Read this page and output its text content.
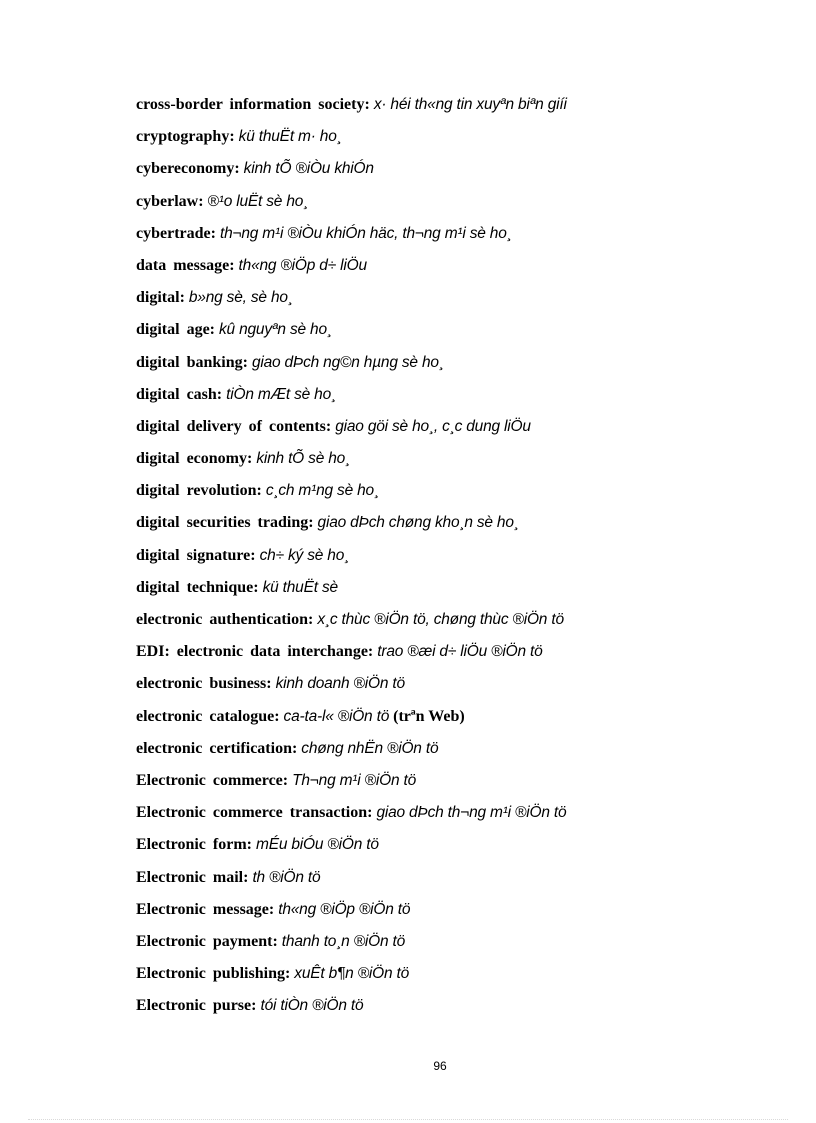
cross-border information society: x· héi th«ng tin xuyªn biªn giíi
cryptography: kü thuËt m· ho¸
cybereconomy: kinh tÕ ®iÒu khiÓn
cyberlaw: ®¹o luËt sè ho¸
cybertrade: th¬ng m¹i ®iÒu khiÓn häc, th¬ng m¹i sè ho¸
data message: th«ng ®iÖp d÷ liÖu
digital: b»ng sè, sè ho¸
digital age: kû nguyªn sè ho¸
digital banking: giao dÞch ng©n hµng sè ho¸
digital cash: tiÒn mÆt sè ho¸
digital delivery of contents: giao göi sè ho¸, c¸c dung liÖu
digital economy: kinh tÕ sè ho¸
digital revolution: c¸ch m¹ng sè ho¸
digital securities trading: giao dÞch chøng kho¸n sè ho¸
digital signature: ch÷ ký sè ho¸
digital technique: kü thuËt sè
electronic authentication: x¸c thùc ®iÖn tö, chøng thùc ®iÖn tö
EDI: electronic data interchange: trao ®æi d÷ liÖu ®iÖn tö
electronic business: kinh doanh ®iÖn tö
electronic catalogue: ca-ta-l« ®iÖn tö (trªn Web)
electronic certification: chøng nhËn ®iÖn tö
Electronic commerce: Th¬ng m¹i ®iÖn tö
Electronic commerce transaction: giao dÞch th¬ng m¹i ®iÖn tö
Electronic form: mÉu biÓu ®iÖn tö
Electronic mail: th ®iÖn tö
Electronic message: th«ng ®iÖp ®iÖn tö
Electronic payment: thanh to¸n ®iÖn tö
Electronic publishing: xuÊt b¶n ®iÖn tö
Electronic purse: tói tiÒn ®iÖn tö
96
